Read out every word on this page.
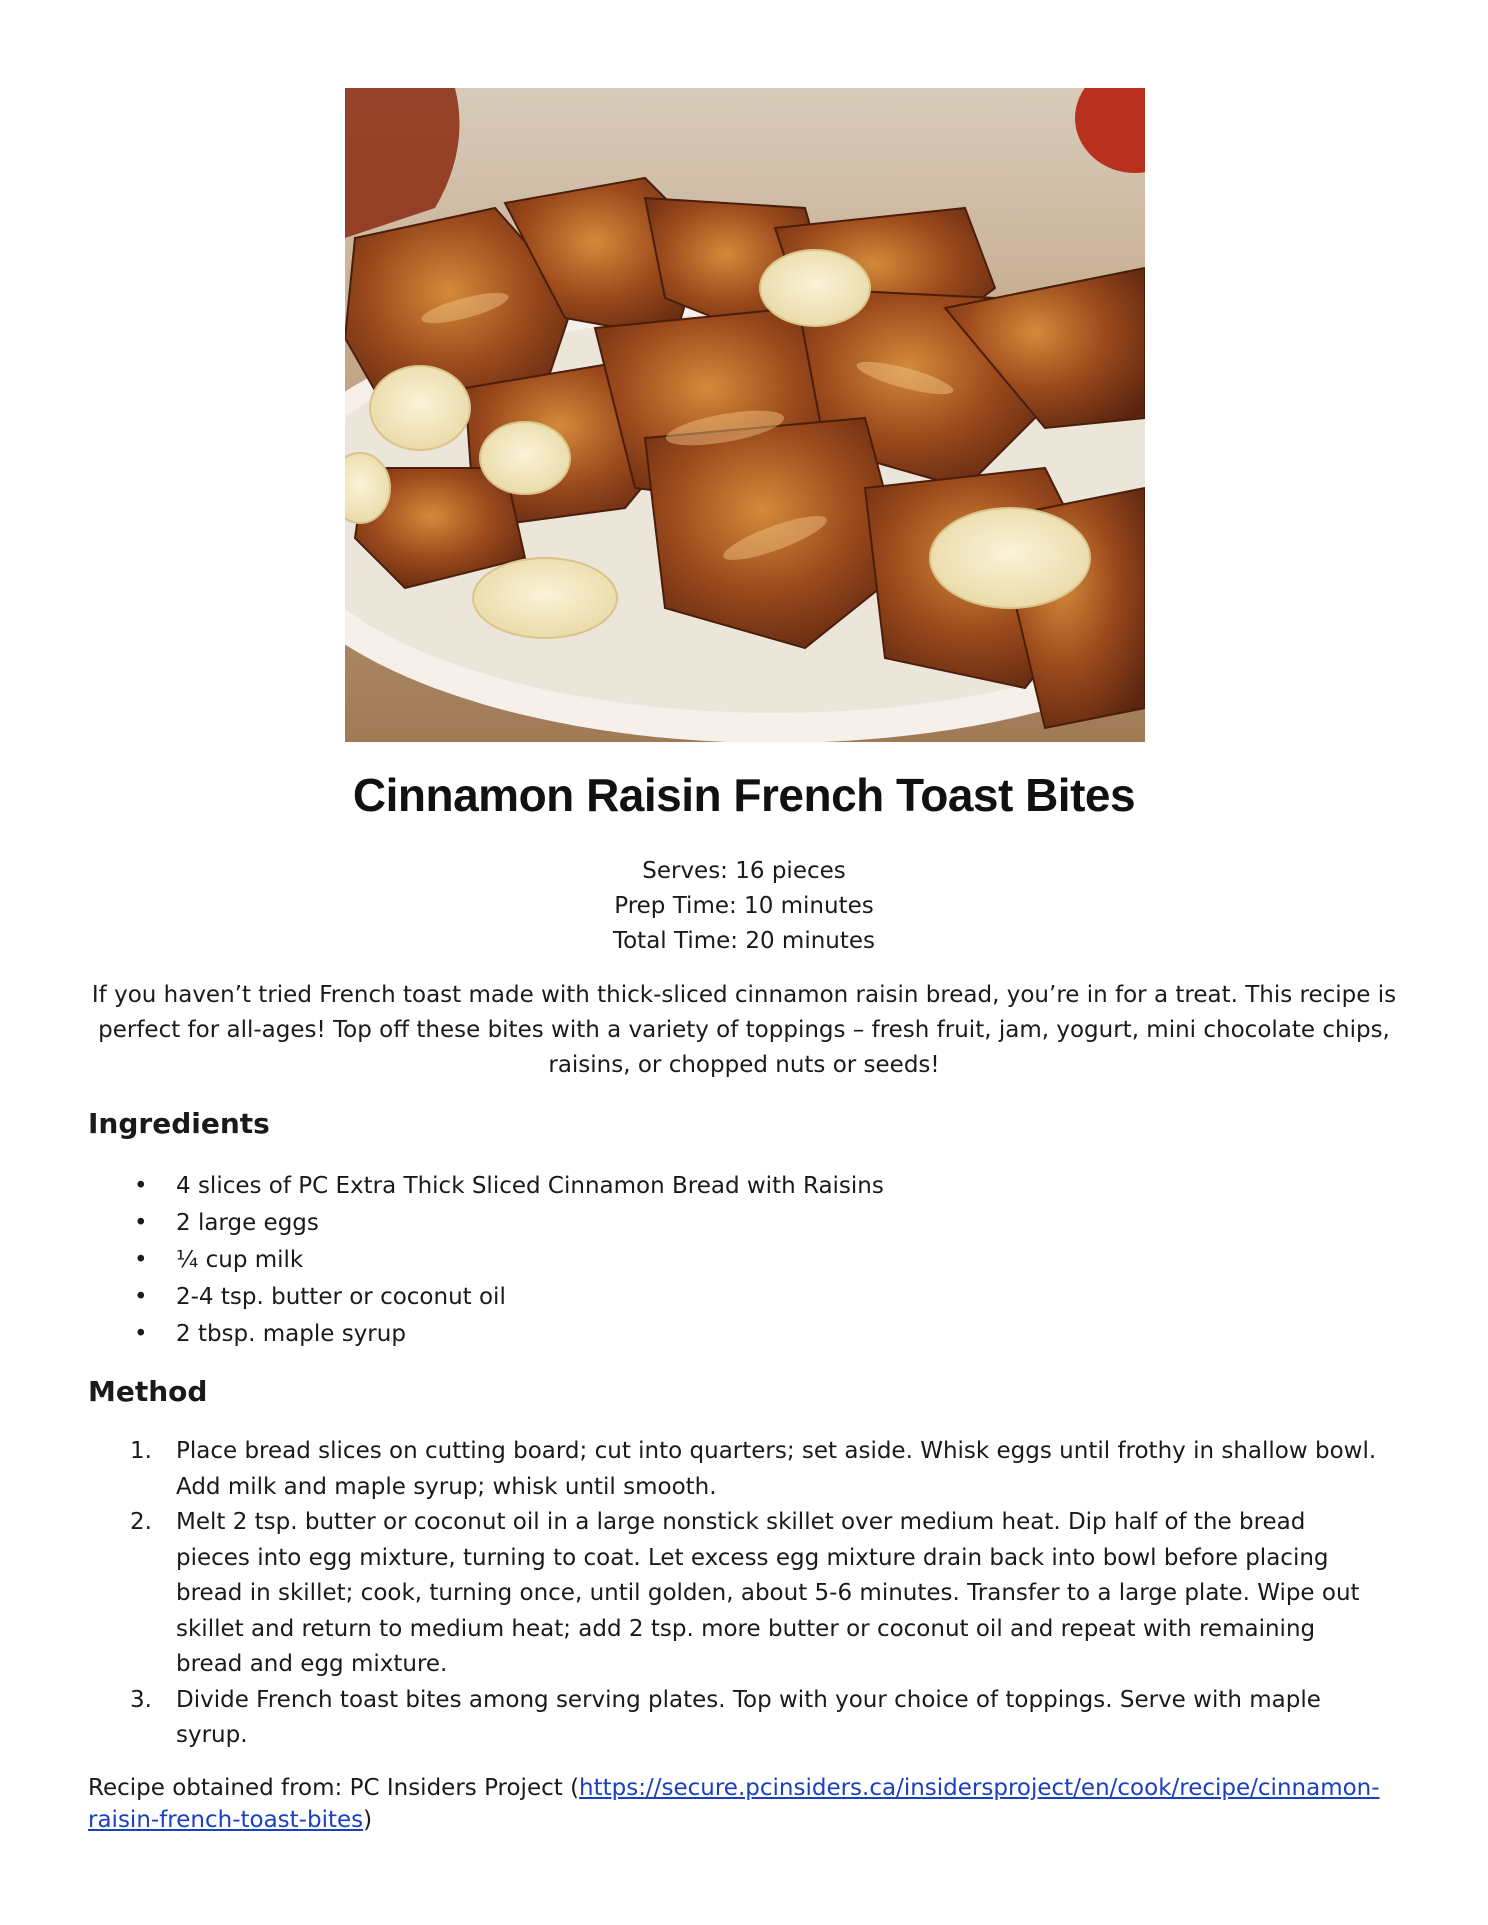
Cinnamon Raisin French Toast Bites
Serves: 16 pieces
Prep Time: 10 minutes
Total Time: 20 minutes

If you haven’t tried French toast made with thick-sliced cinnamon raisin bread, you’re in for a treat. This recipe is perfect for all-ages! Top off these bites with a variety of toppings – fresh fruit, jam, yogurt, mini chocolate chips, raisins, or chopped nuts or seeds!

Ingredients
• 4 slices of PC Extra Thick Sliced Cinnamon Bread with Raisins
• 2 large eggs
• ¼ cup milk
• 2-4 tsp. butter or coconut oil
• 2 tbsp. maple syrup
Method
1. Place bread slices on cutting board; cut into quarters; set aside. Whisk eggs until frothy in shallow bowl. Add milk and maple syrup; whisk until smooth.
2. Melt 2 tsp. butter or coconut oil in a large nonstick skillet over medium heat. Dip half of the bread pieces into egg mixture, turning to coat. Let excess egg mixture drain back into bowl before placing bread in skillet; cook, turning once, until golden, about 5-6 minutes. Transfer to a large plate. Wipe out skillet and return to medium heat; add 2 tsp. more butter or coconut oil and repeat with remaining bread and egg mixture.
3. Divide French toast bites among serving plates. Top with your choice of toppings. Serve with maple syrup.
Recipe obtained from: PC Insiders Project (https://secure.pcinsiders.ca/insidersproject/en/cook/recipe/cinnamon-raisin-french-toast-bites)
